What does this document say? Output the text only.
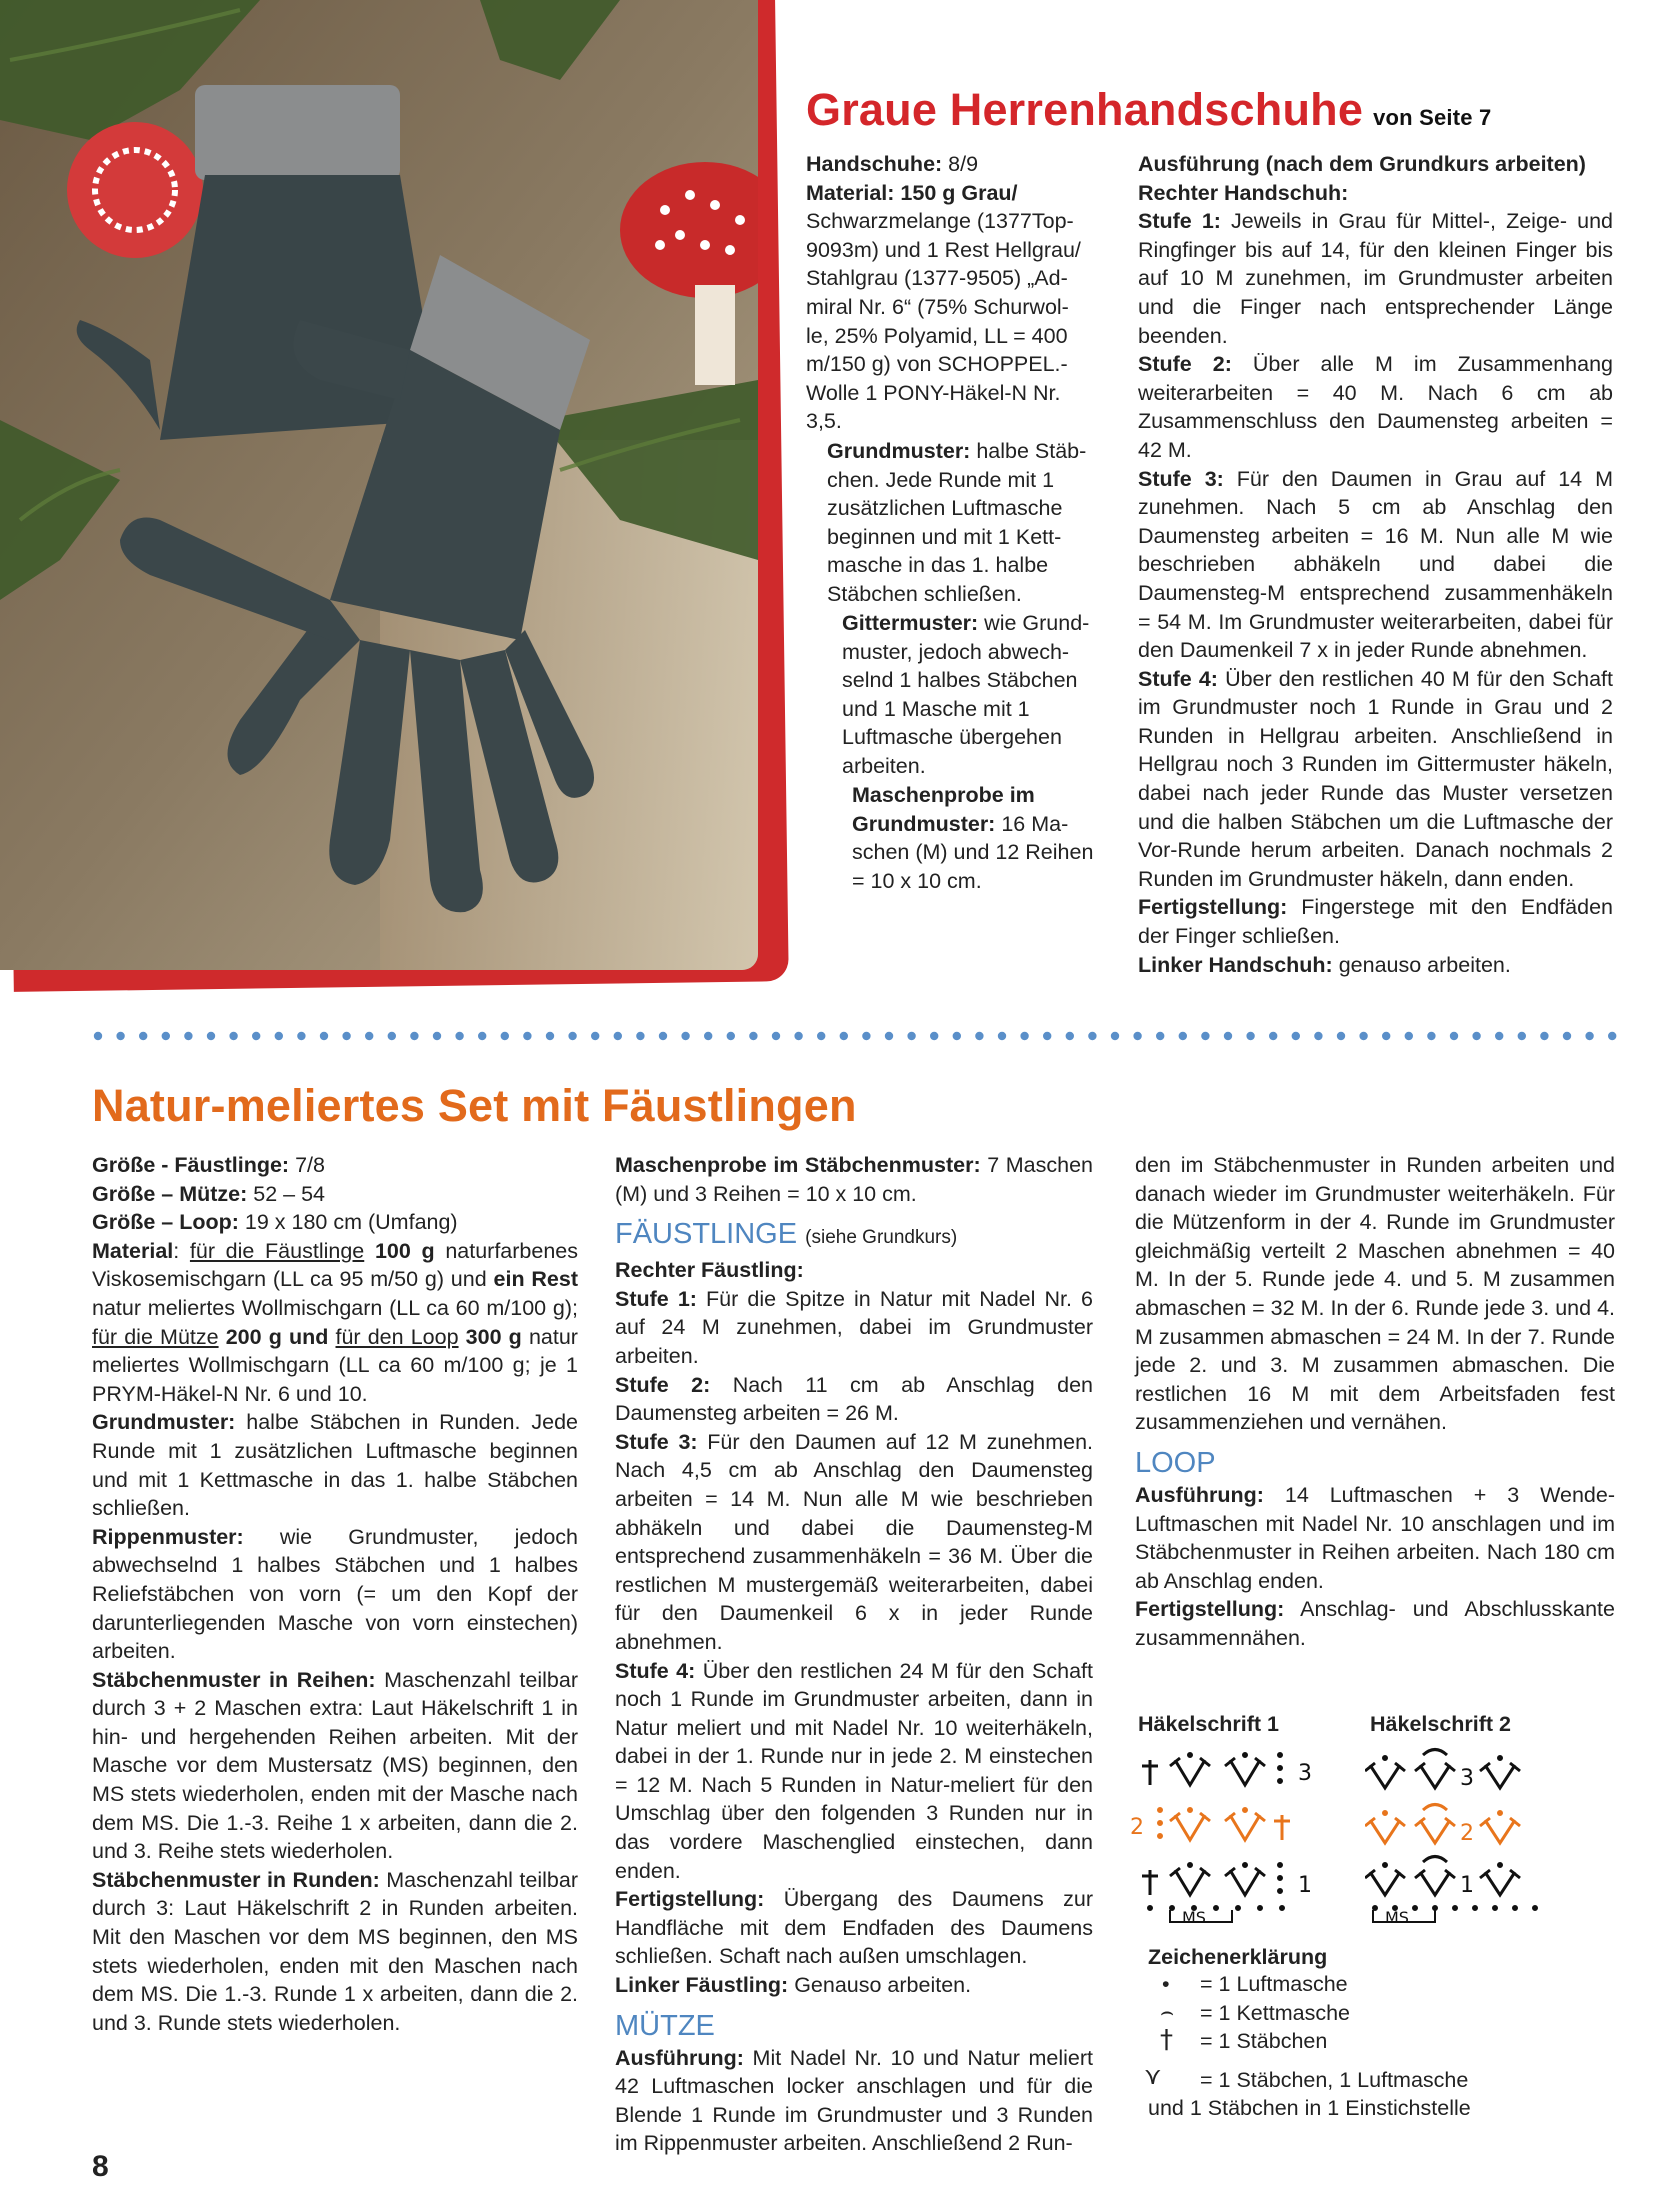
Graue Herrenhandschuhe von Seite 7

Handschuhe: 8/9

Material: 150 g Grau/

Schwarzmelange (1377Top-

9093m) und 1 Rest Hellgrau/

Stahlgrau (1377-9505) „Ad-

miral Nr. 6“ (75% Schurwol-

le, 25% Polyamid, LL = 400

m/150 g) von SCHOPPEL.-

Wolle 1 PONY-Häkel-N Nr.

3,5.

Grundmuster: halbe Stäb-

chen. Jede Runde mit 1

zusätzlichen Luftmasche

beginnen und mit 1 Kett-

masche in das 1. halbe

Stäbchen schließen.

Gittermuster: wie Grund-

muster, jedoch abwech-

selnd 1 halbes Stäbchen

und 1 Masche mit 1

Luftmasche übergehen

arbeiten.

Maschenprobe im

Grundmuster: 16 Ma-

schen (M) und 12 Reihen

= 10 x 10 cm.

Ausführung (nach dem Grundkurs arbeiten)

Rechter Handschuh:

Stufe 1: Jeweils in Grau für Mittel-, Zeige- und Ringfinger bis auf 14, für den kleinen Finger bis auf 10 M zunehmen, im Grundmuster arbeiten und die Finger nach entsprechender Länge beenden.

Stufe 2: Über alle M im Zusammenhang weiterarbeiten = 40 M. Nach 6 cm ab Zusammenschluss den Daumensteg arbeiten = 42 M.

Stufe 3: Für den Daumen in Grau auf 14 M zunehmen. Nach 5 cm ab Anschlag den Daumensteg arbeiten = 16 M. Nun alle M wie beschrieben abhäkeln und dabei die Daumensteg-M entsprechend zusammenhäkeln = 54 M. Im Grundmuster weiterarbeiten, dabei für den Daumenkeil 7 x in jeder Runde abnehmen.

Stufe 4: Über den restlichen 40 M für den Schaft im Grundmuster noch 1 Runde in Grau und 2 Runden in Hellgrau arbeiten. Anschließend in Hellgrau noch 3 Runden im Gittermuster häkeln, dabei nach jeder Runde das Muster versetzen und die halben Stäbchen um die Luftmasche der Vor-Runde herum arbeiten. Danach nochmals 2 Runden im Grundmuster häkeln, dann enden.

Fertigstellung: Fingerstege mit den Endfäden der Finger schließen.

Linker Handschuh: genauso arbeiten.

Natur-meliertes Set mit Fäustlingen

Größe - Fäustlinge: 7/8

Größe – Mütze: 52 – 54

Größe – Loop: 19 x 180 cm (Umfang)

Material: für die Fäustlinge 100 g naturfarbenes Viskosemischgarn (LL ca 95 m/50 g) und ein Rest natur meliertes Wollmischgarn (LL ca 60 m/100 g); für die Mütze 200 g und für den Loop 300 g natur meliertes Wollmischgarn (LL ca 60 m/100 g; je 1 PRYM-Häkel-N Nr. 6 und 10.

Grundmuster: halbe Stäbchen in Runden. Jede Runde mit 1 zusätzlichen Luftmasche beginnen und mit 1 Kettmasche in das 1. halbe Stäbchen schließen.

Rippenmuster: wie Grundmuster, jedoch abwechselnd 1 halbes Stäbchen und 1 halbes Reliefstäbchen von vorn (= um den Kopf der darunterliegenden Masche von vorn einstechen) arbeiten.

Stäbchenmuster in Reihen: Maschenzahl teilbar durch 3 + 2 Maschen extra: Laut Häkelschrift 1 in hin- und hergehenden Reihen arbeiten. Mit der Masche vor dem Mustersatz (MS) beginnen, den MS stets wiederholen, enden mit der Masche nach dem MS. Die 1.-3. Reihe 1 x arbeiten, dann die 2. und 3. Reihe stets wiederholen.

Stäbchenmuster in Runden: Maschenzahl teilbar durch 3: Laut Häkelschrift 2 in Runden arbeiten. Mit den Maschen vor dem MS beginnen, den MS stets wiederholen, enden mit den Maschen nach dem MS. Die 1.-3. Runde 1 x arbeiten, dann die 2. und 3. Runde stets wiederholen.

Maschenprobe im Stäbchenmuster: 7 Maschen (M) und 3 Reihen = 10 x 10 cm.

FÄUSTLINGE (siehe Grundkurs)

Rechter Fäustling:

Stufe 1: Für die Spitze in Natur mit Nadel Nr. 6 auf 24 M zunehmen, dabei im Grundmuster arbeiten.

Stufe 2: Nach 11 cm ab Anschlag den Daumensteg arbeiten = 26 M.

Stufe 3: Für den Daumen auf 12 M zunehmen. Nach 4,5 cm ab Anschlag den Daumensteg arbeiten = 14 M. Nun alle M wie beschrieben abhäkeln und dabei die Daumensteg-M entsprechend zusammenhäkeln = 36 M. Über die restlichen M mustergemäß weiterarbeiten, dabei für den Daumenkeil 6 x in jeder Runde abnehmen.

Stufe 4: Über den restlichen 24 M für den Schaft noch 1 Runde im Grundmuster arbeiten, dann in Natur meliert und mit Nadel Nr. 10 weiterhäkeln, dabei in der 1. Runde nur in jede 2. M einstechen = 12 M. Nach 5 Runden in Natur-meliert für den Umschlag über den folgenden 3 Runden nur in das vordere Maschenglied einstechen, dann enden.

Fertigstellung: Übergang des Daumens zur Handfläche mit dem Endfaden des Daumens schließen. Schaft nach außen umschlagen.

Linker Fäustling: Genauso arbeiten.

MÜTZE

Ausführung: Mit Nadel Nr. 10 und Natur meliert 42 Luftmaschen locker anschlagen und für die Blende 1 Runde im Grundmuster und 3 Runden im Rippenmuster arbeiten. Anschließend 2 Run-

den im Stäbchenmuster in Runden arbeiten und danach wieder im Grundmuster weiterhäkeln. Für die Mützenform in der 4. Runde im Grundmuster gleichmäßig verteilt 2 Maschen abnehmen = 40 M. In der 5. Runde jede 4. und 5. M zusammen abmaschen = 32 M. In der 6. Runde jede 3. und 4. M zusammen abmaschen = 24 M. In der 7. Runde jede 2. und 3. M zusammen abmaschen. Die restlichen 16 M mit dem Arbeitsfaden fest zusammenziehen und vernähen.

LOOP

Ausführung: 14 Luftmaschen + 3 Wende-Luftmaschen mit Nadel Nr. 10 anschlagen und im Stäbchenmuster in Reihen arbeiten. Nach 180 cm ab Anschlag enden.

Fertigstellung: Anschlag- und Abschlusskante zusammennähen.

Häkelschrift 1	Häkelschrift 2
3
2
1
MS
3
2
1
MS
Zeichenerklärung

• = 1 Luftmasche

⌢ = 1 Kettmasche

† = 1 Stäbchen

⋎ = 1 Stäbchen, 1 Luftmasche

und 1 Stäbchen in 1 Einstichstelle

8
